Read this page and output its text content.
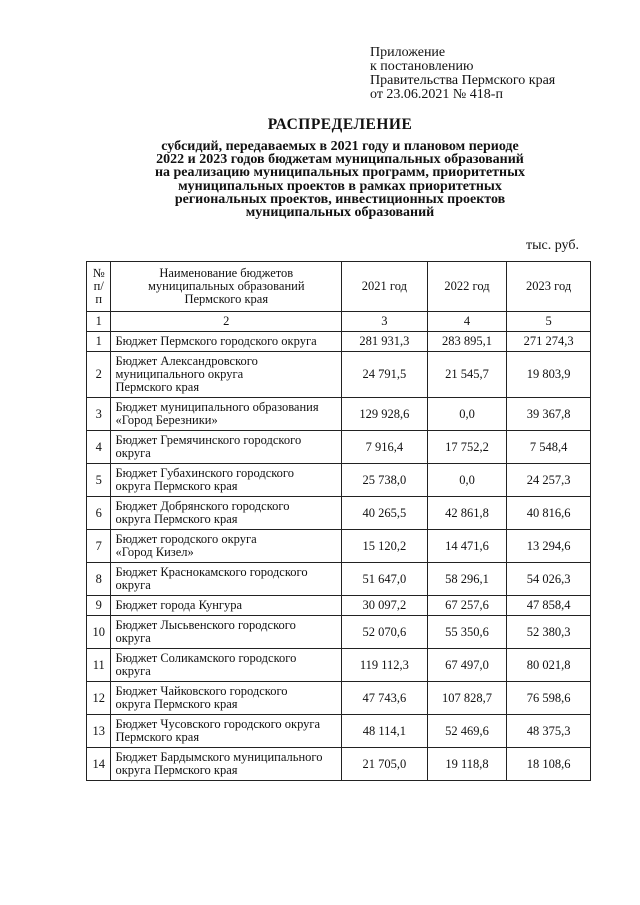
Приложение
к постановлению
Правительства Пермского края
от 23.06.2021 № 418-п
РАСПРЕДЕЛЕНИЕ
субсидий, передаваемых в 2021 году и плановом периоде
2022 и 2023 годов бюджетам муниципальных образований
на реализацию муниципальных программ, приоритетных
муниципальных проектов в рамках приоритетных
региональных проектов, инвестиционных проектов
муниципальных образований
тыс. руб.
№
п/п	Наименование бюджетов
муниципальных образований
Пермского края	2021 год	2022 год	2023 год
1	2	3	4	5
1	Бюджет Пермского городского округа	281 931,3	283 895,1	271 274,3
2	Бюджет Александровского
муниципального округа
Пермского края	24 791,5	21 545,7	19 803,9
3	Бюджет муниципального образования
«Город Березники»	129 928,6	0,0	39 367,8
4	Бюджет Гремячинского городского
округа	7 916,4	17 752,2	7 548,4
5	Бюджет Губахинского городского
округа Пермского края	25 738,0	0,0	24 257,3
6	Бюджет Добрянского городского
округа Пермского края	40 265,5	42 861,8	40 816,6
7	Бюджет городского округа
«Город Кизел»	15 120,2	14 471,6	13 294,6
8	Бюджет Краснокамского городского
округа	51 647,0	58 296,1	54 026,3
9	Бюджет города Кунгура	30 097,2	67 257,6	47 858,4
10	Бюджет Лысьвенского городского
округа	52 070,6	55 350,6	52 380,3
11	Бюджет Соликамского городского
округа	119 112,3	67 497,0	80 021,8
12	Бюджет Чайковского городского
округа Пермского края	47 743,6	107 828,7	76 598,6
13	Бюджет Чусовского городского округа
Пермского края	48 114,1	52 469,6	48 375,3
14	Бюджет Бардымского муниципального
округа Пермского края	21 705,0	19 118,8	18 108,6
